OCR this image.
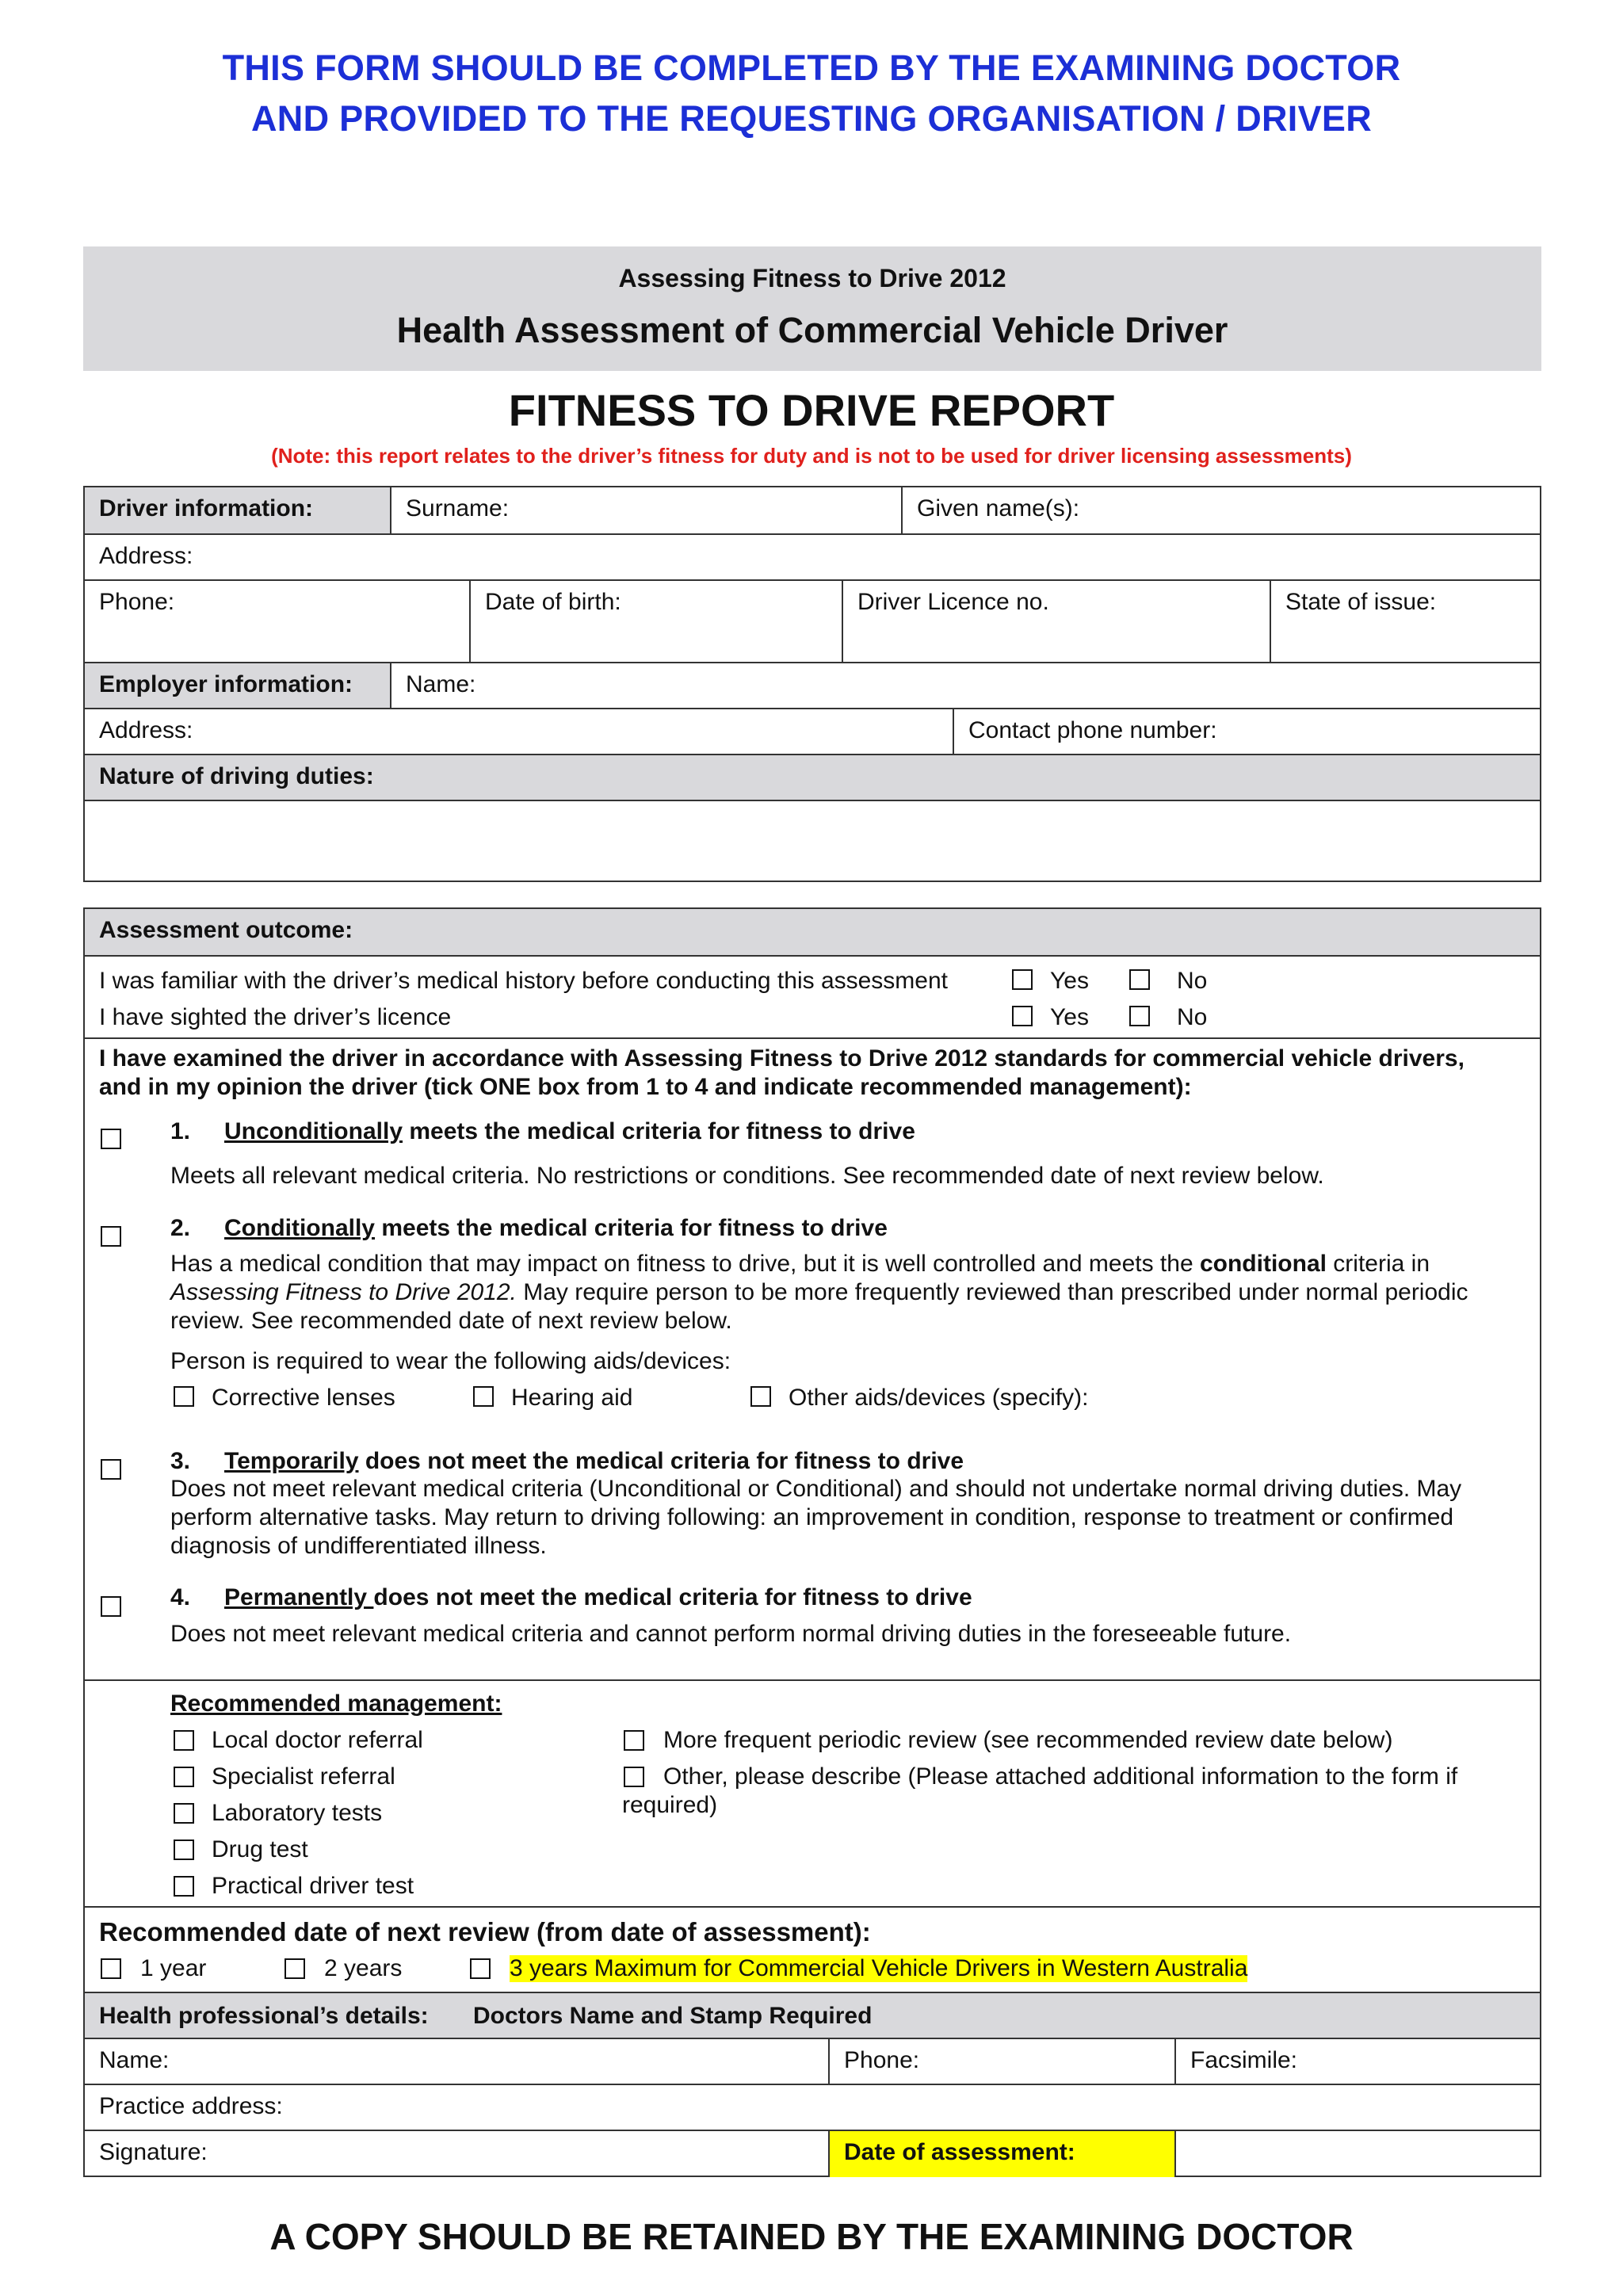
THIS FORM SHOULD BE COMPLETED BY THE EXAMINING DOCTOR
AND PROVIDED TO THE REQUESTING ORGANISATION / DRIVER
Assessing Fitness to Drive 2012
Health Assessment of Commercial Vehicle Driver
FITNESS TO DRIVE REPORT
(Note: this report relates to the driver’s fitness for duty and is not to be used for driver licensing assessments)
Driver information:	Surname:	Given name(s):
Address:
Phone:	Date of birth:	Driver Licence no.	State of issue:
Employer information:	Name:
Address:	Contact phone number:
Nature of driving duties:
Assessment outcome:
I was familiar with the driver’s medical history before conducting this assessment	Yes	No
I have sighted the driver’s licence	Yes	No
I have examined the driver in accordance with Assessing Fitness to Drive 2012 standards for commercial vehicle drivers,
and in my opinion the driver (tick ONE box from 1 to 4 and indicate recommended management):
1. Unconditionally meets the medical criteria for fitness to drive
Meets all relevant medical criteria. No restrictions or conditions. See recommended date of next review below.
2. Conditionally meets the medical criteria for fitness to drive
Has a medical condition that may impact on fitness to drive, but it is well controlled and meets the conditional criteria in
Assessing Fitness to Drive 2012. May require person to be more frequently reviewed than prescribed under normal periodic
review. See recommended date of next review below.
Person is required to wear the following aids/devices:
Corrective lenses	Hearing aid	Other aids/devices (specify):
3. Temporarily does not meet the medical criteria for fitness to drive
Does not meet relevant medical criteria (Unconditional or Conditional) and should not undertake normal driving duties. May
perform alternative tasks. May return to driving following: an improvement in condition, response to treatment or confirmed
diagnosis of undifferentiated illness.
4. Permanently does not meet the medical criteria for fitness to drive
Does not meet relevant medical criteria and cannot perform normal driving duties in the foreseeable future.
Recommended management:
Local doctor referral
Specialist referral
Laboratory tests
Drug test
Practical driver test
More frequent periodic review (see recommended review date below)
Other, please describe (Please attached additional information to the form if
required)
Recommended date of next review (from date of assessment):
1 year	2 years	3 years Maximum for Commercial Vehicle Drivers in Western Australia
Health professional’s details: Doctors Name and Stamp Required
Name:	Phone:	Facsimile:
Practice address:
Signature:	Date of assessment:
A COPY SHOULD BE RETAINED BY THE EXAMINING DOCTOR
